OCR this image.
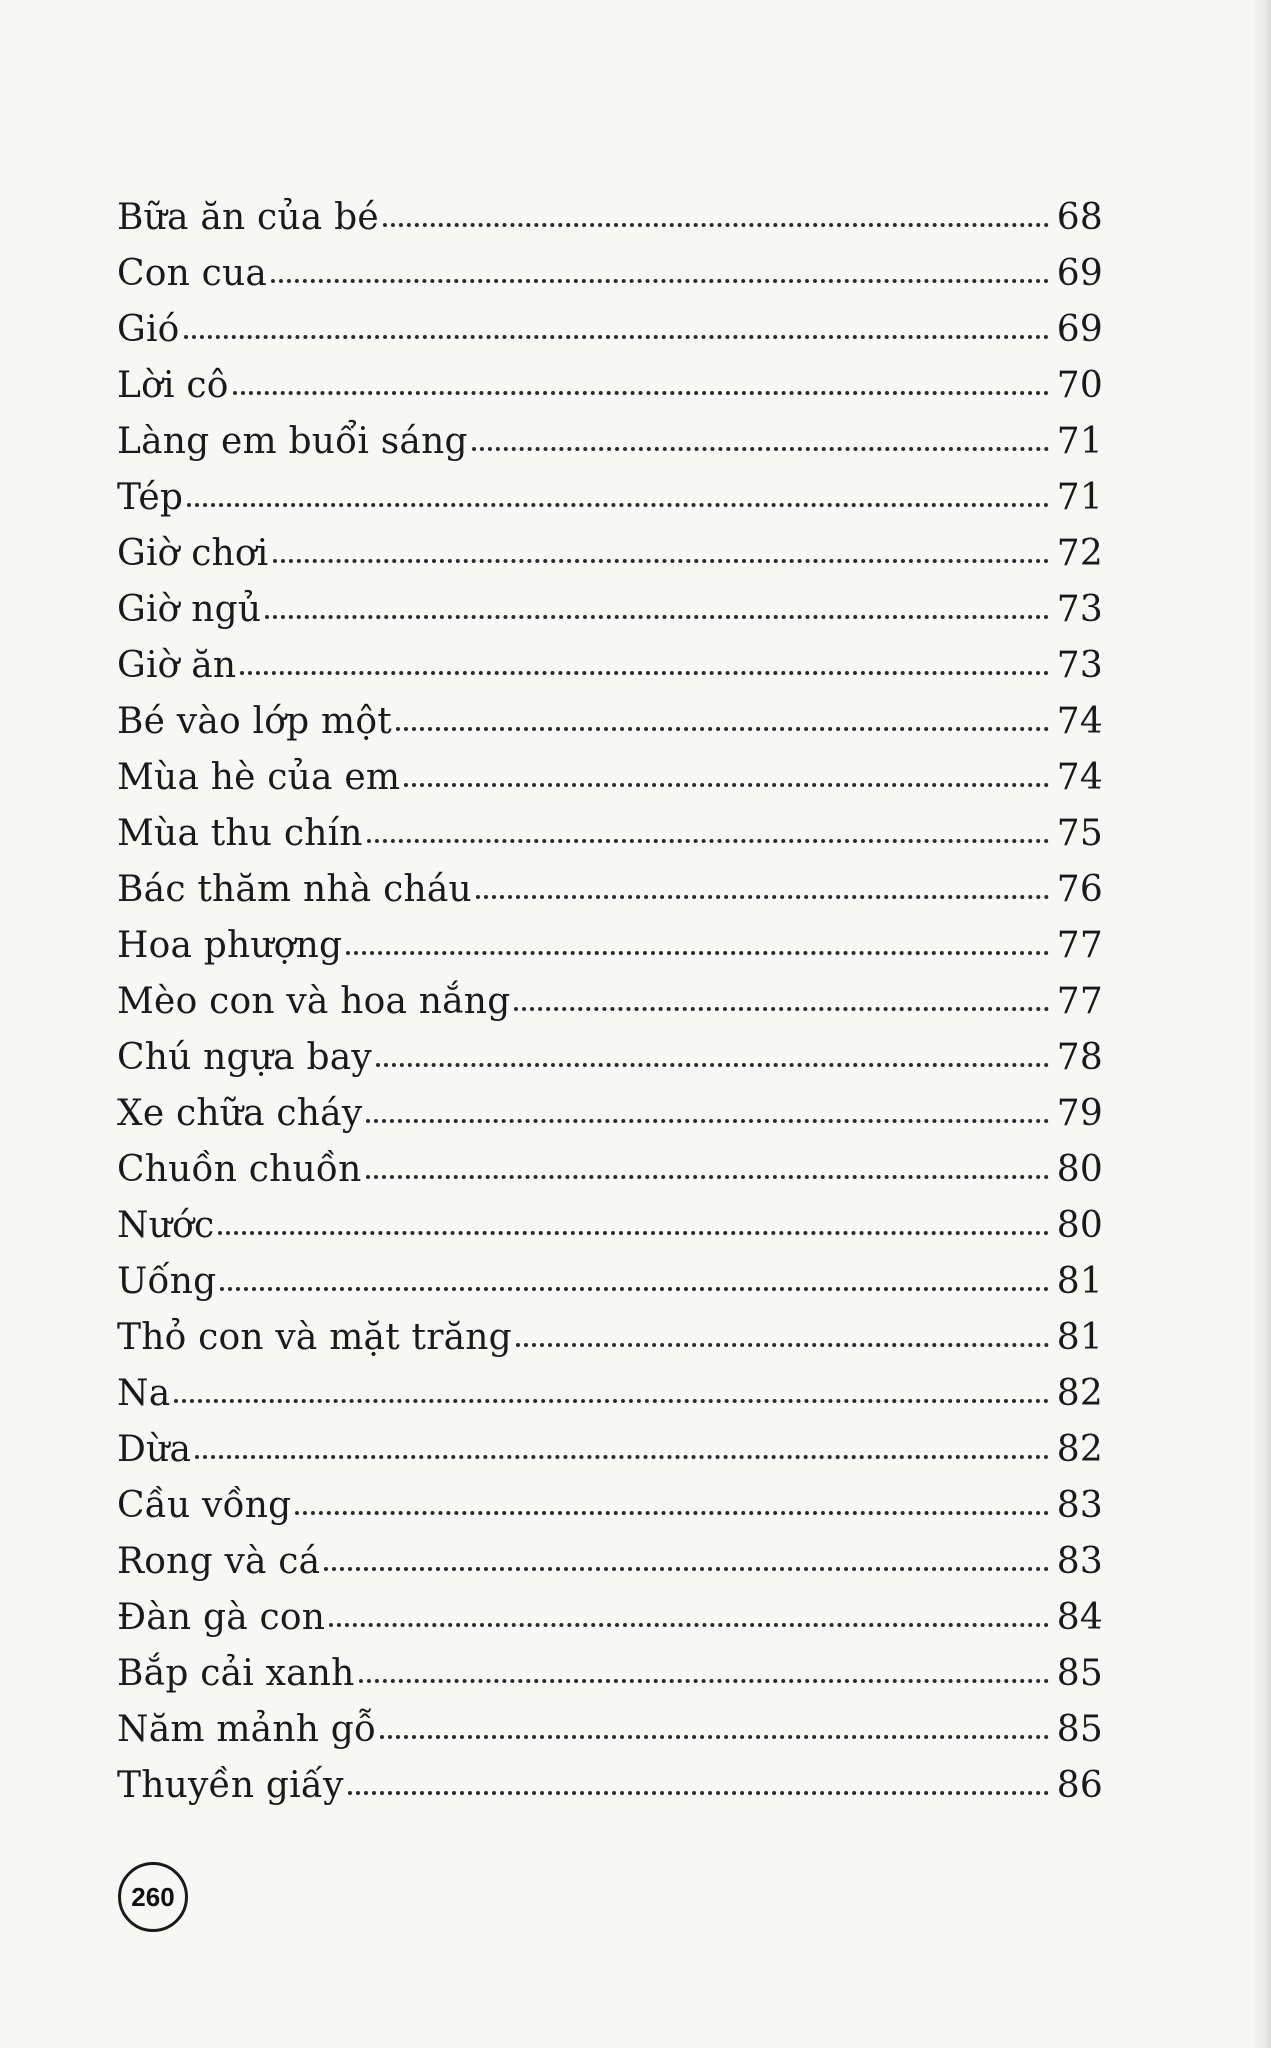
Bữa ăn của bé	68
Con cua	69
Gió	69
Lời cô	70
Làng em buổi sáng	71
Tép	71
Giờ chơi	72
Giờ ngủ	73
Giờ ăn	73
Bé vào lớp một	74
Mùa hè của em	74
Mùa thu chín	75
Bác thăm nhà cháu	76
Hoa phượng	77
Mèo con và hoa nắng	77
Chú ngựa bay	78
Xe chữa cháy	79
Chuồn chuồn	80
Nước	80
Uống	81
Thỏ con và mặt trăng	81
Na	82
Dừa	82
Cầu vồng	83
Rong và cá	83
Đàn gà con	84
Bắp cải xanh	85
Năm mảnh gỗ	85
Thuyền giấy	86
260
